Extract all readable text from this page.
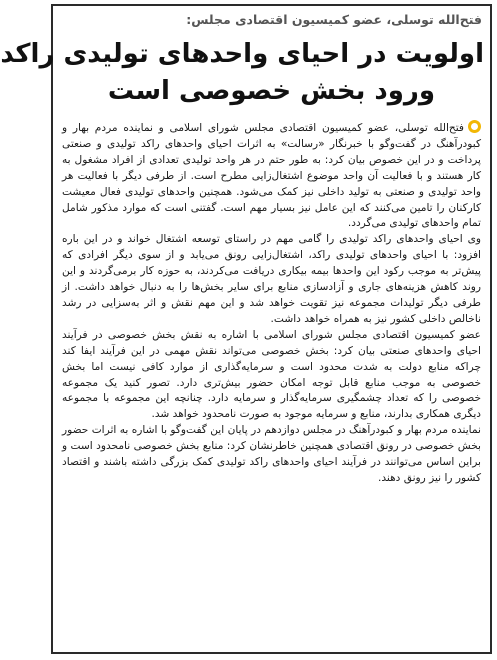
فتح‌الله توسلی، عضو کمیسیون اقتصادی مجلس:
اولویت در احیای واحدهای تولیدی راکد
ورود بخش خصوصی است

فتح‌الله توسلی، عضو کمیسیون اقتصادی مجلس شورای اسلامی و نماینده مردم بهار و کبودرآهنگ در گفت‌وگو با خبرنگار «رسالت» به اثرات احیای واحدهای راکد تولیدی و صنعتی پرداخت و در این خصوص بیان کرد: به طور حتم در هر واحد تولیدی تعدادی از افراد مشغول به کار هستند و با فعالیت آن واحد موضوع اشتغال‌زایی مطرح است. از طرفی دیگر با فعالیت هر واحد تولیدی و صنعتی به تولید داخلی نیز کمک می‌شود. همچنین واحدهای تولیدی فعال معیشت کارکنان را تامین می‌کنند که این عامل نیز بسیار مهم است. گفتنی است که موارد مذکور شامل تمام واحدهای تولیدی می‌گردد.

وی احیای واحدهای راکد تولیدی را گامی مهم در راستای توسعه اشتغال خواند و در این باره افزود: با احیای واحدهای تولیدی راکد، اشتغال‌زایی رونق می‌یابد و از سوی دیگر افرادی که پیش‌تر به موجب رکود این واحدها بیمه بیکاری دریافت می‌کردند، به حوزه کار برمی‌گردند و این روند کاهش هزینه‌های جاری و آزادسازی منابع برای سایر بخش‌ها را به دنبال خواهد داشت. از طرفی دیگر تولیدات مجموعه نیز تقویت خواهد شد و این مهم نقش و اثر به‌سزایی در رشد ناخالص داخلی کشور نیز به همراه خواهد داشت.

عضو کمیسیون اقتصادی مجلس شورای اسلامی با اشاره به نقش بخش خصوصی در فرآیند احیای واحدهای صنعتی بیان کرد: بخش خصوصی می‌تواند نقش مهمی در این فرآیند ایفا کند چراکه منابع دولت به شدت محدود است و سرمایه‌گذاری از موارد کافی نیست اما بخش خصوصی به موجب منابع قابل توجه امکان حضور بیش‌تری دارد. تصور کنید یک مجموعه خصوصی را که تعداد چشمگیری سرمایه‌گذار و سرمایه دارد. چنانچه این مجموعه با مجموعه دیگری همکاری بدارند، منابع و سرمایه موجود به صورت نامحدود خواهد شد.

نماینده مردم بهار و کبودرآهنگ در مجلس دوازدهم در پایان این گفت‌وگو با اشاره به اثرات حضور بخش خصوصی در رونق اقتصادی همچنین خاطرنشان کرد: منابع بخش خصوصی نامحدود است و براین اساس می‌توانند در فرآیند احیای واحدهای راکد تولیدی کمک بزرگی داشته باشند و اقتصاد کشور را نیز رونق دهند.
